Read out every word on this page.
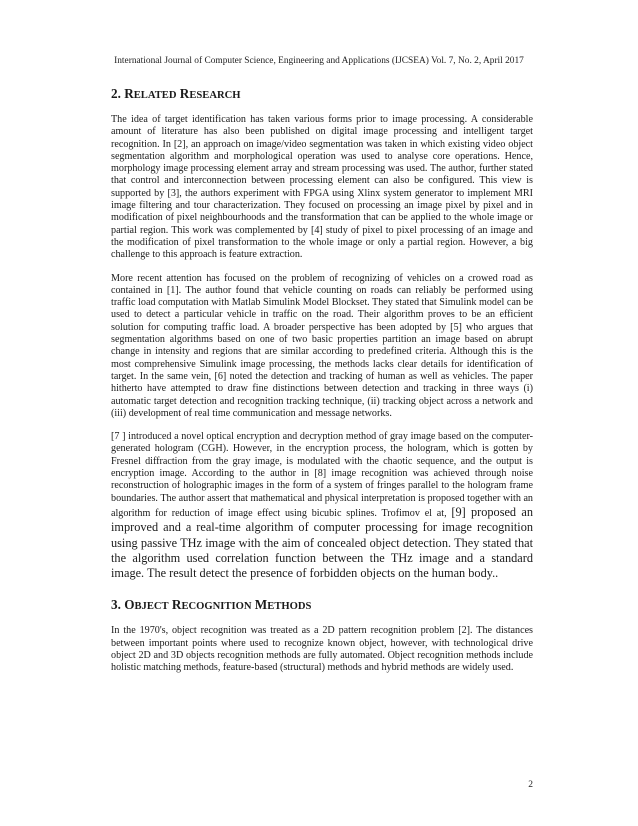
International Journal of Computer Science, Engineering and Applications (IJCSEA) Vol. 7, No. 2, April 2017
2. RELATED RESEARCH

The idea of target identification has taken various forms prior to image processing. A considerable amount of literature has also been published on digital image processing and intelligent target recognition. In [2], an approach on image/video segmentation was taken in which existing video object segmentation algorithm and morphological operation was used to analyse core operations. Hence, morphology image processing element array and stream processing was used. The author, further stated that control and interconnection between processing element can also be configured. This view is supported by [3], the authors experiment with FPGA using Xlinx system generator to implement MRI image filtering and tour characterization. They focused on processing an image pixel by pixel and in modification of pixel neighbourhoods and the transformation that can be applied to the whole image or partial region. This work was complemented by [4] study of pixel to pixel processing of an image and the modification of pixel transformation to the whole image or only a partial region. However, a big challenge to this approach is feature extraction.

More recent attention has focused on the problem of recognizing of vehicles on a crowed road as contained in [1]. The author found that vehicle counting on roads can reliably be performed using traffic load computation with Matlab Simulink Model Blockset. They stated that Simulink model can be used to detect a particular vehicle in traffic on the road. Their algorithm proves to be an efficient solution for computing traffic load. A broader perspective has been adopted by [5] who argues that segmentation algorithms based on one of two basic properties partition an image based on abrupt change in intensity and regions that are similar according to predefined criteria. Although this is the most comprehensive Simulink image processing, the methods lacks clear details for identification of target. In the same vein, [6] noted the detection and tracking of human as well as vehicles. The paper hitherto have attempted to draw fine distinctions between detection and tracking in three ways (i) automatic target detection and recognition tracking technique, (ii) tracking object across a network and (iii) development of real time communication and message networks.

[7 ] introduced a novel optical encryption and decryption method of gray image based on the computer-generated hologram (CGH). However, in the encryption process, the hologram, which is gotten by Fresnel diffraction from the gray image, is modulated with the chaotic sequence, and the output is encryption image. According to the author in [8] image recognition was achieved through noise reconstruction of holographic images in the form of a system of fringes parallel to the hologram frame boundaries. The author assert that mathematical and physical interpretation is proposed together with an algorithm for reduction of image effect using bicubic splines. Trofimov el at, [9] proposed an improved and a real-time algorithm of computer processing for image recognition using passive THz image with the aim of concealed object detection. They stated that the algorithm used correlation function between the THz image and a standard image. The result detect the presence of forbidden objects on the human body..

3. OBJECT RECOGNITION METHODS

In the 1970's, object recognition was treated as a 2D pattern recognition problem [2]. The distances between important points where used to recognize known object, however, with technological drive object 2D and 3D objects recognition methods are fully automated. Object recognition methods include holistic matching methods, feature-based (structural) methods and hybrid methods are widely used.

2
